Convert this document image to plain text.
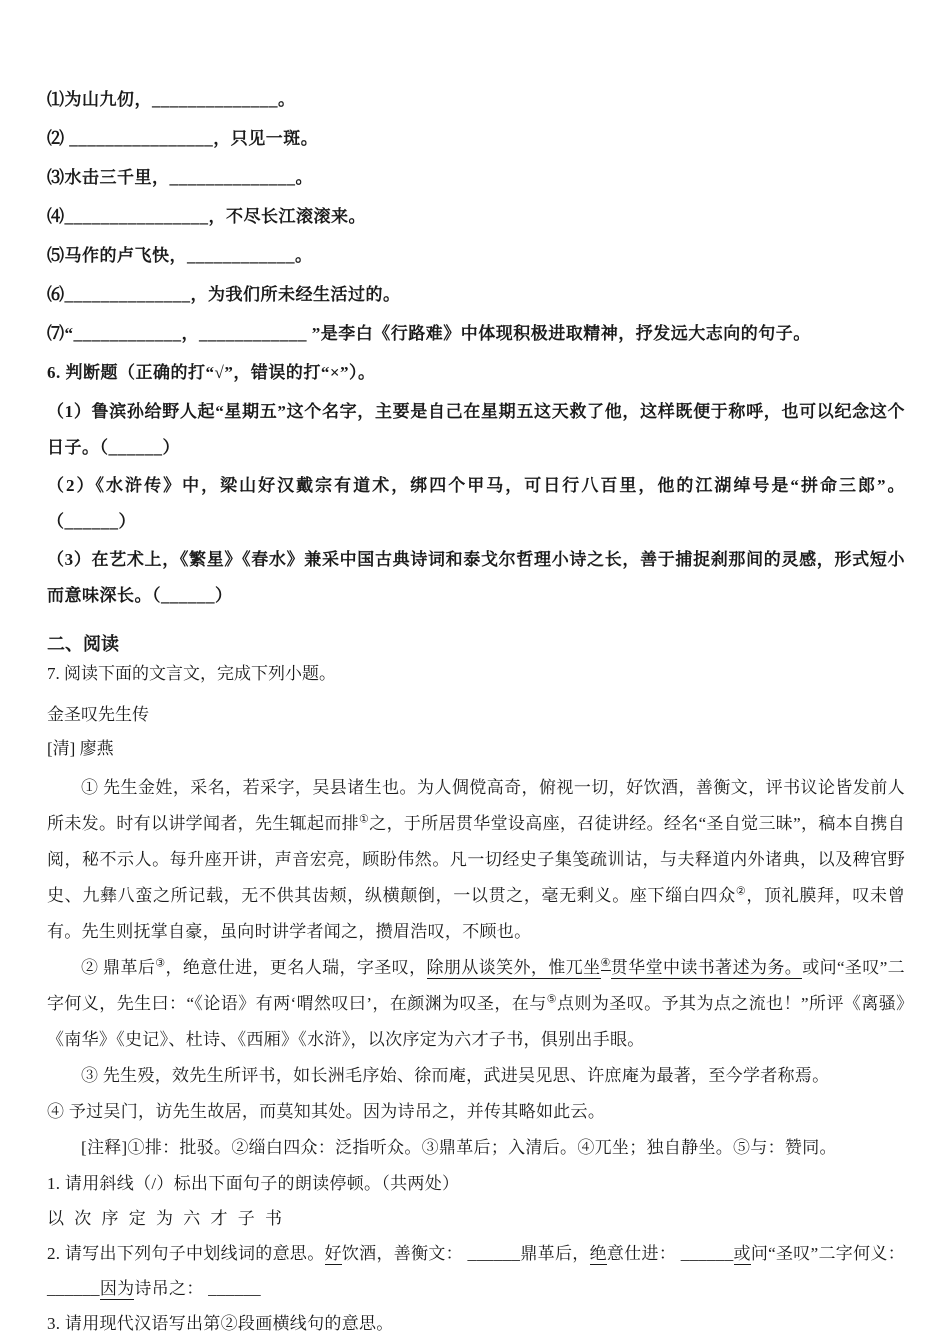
⑴为山九仞，______________。

⑵ ________________，只见一斑。

⑶水击三千里，______________。

⑷________________，不尽长江滚滚来。

⑸马作的卢飞快，____________。

⑹______________，为我们所未经生活过的。

⑺“____________，____________ ”是李白《行路难》中体现积极进取精神，抒发远大志向的句子。

6. 判断题（正确的打“√”，错误的打“×”）。

（1）鲁滨孙给野人起“星期五”这个名字，主要是自己在星期五这天救了他，这样既便于称呼，也可以纪念这个日子。（______）

（2）《水浒传》中，梁山好汉戴宗有道术，绑四个甲马，可日行八百里，他的江湖绰号是“拼命三郎”。 （______）

（3）在艺术上，《繁星》《春水》兼采中国古典诗词和泰戈尔哲理小诗之长，善于捕捉刹那间的灵感，形式短小而意味深长。（______）

二、阅读

7. 阅读下面的文言文，完成下列小题。

金圣叹先生传

[清] 廖燕

① 先生金姓，采名，若采字，吴县诸生也。为人倜傥高奇，俯视一切，好饮酒，善衡文，评书议论皆发前人所未发。时有以讲学闻者，先生辄起而排①之，于所居贯华堂设高座，召徒讲经。经名“圣自觉三昧”，稿本自携自阅，秘不示人。每升座开讲，声音宏亮，顾盼伟然。凡一切经史子集笺疏训诂，与夫释道内外诸典，以及稗官野史、九彝八蛮之所记载，无不供其齿颊，纵横颠倒，一以贯之，毫无剩义。座下缁白四众②，顶礼膜拜，叹未曾有。先生则抚掌自豪，虽向时讲学者闻之，攒眉浩叹，不顾也。

② 鼎革后③，绝意仕进，更名人瑞，字圣叹，除朋从谈笑外，惟兀坐④贯华堂中读书著述为务。或问“圣叹”二字何义，先生曰：“《论语》有两‘喟然叹曰’，在颜渊为叹圣，在与⑤点则为圣叹。予其为点之流也！”所评《离骚》《南华》《史记》、杜诗、《西厢》《水浒》，以次序定为六才子书，俱别出手眼。

③ 先生殁，效先生所评书，如长洲毛序始、徐而庵，武进吴见思、许庶庵为最著，至今学者称焉。

④ 予过吴门，访先生故居，而莫知其处。因为诗吊之，并传其略如此云。

[注释]①排：批驳。②缁白四众：泛指听众。③鼎革后；入清后。④兀坐；独自静坐。⑤与：赞同。

1. 请用斜线（/）标出下面句子的朗读停顿。（共两处）

以 次 序 定 为 六 才 子 书

2. 请写出下列句子中划线词的意思。好饮酒，善衡文： ______鼎革后，绝意仕进： ______或问“圣叹”二字何义： ______因为诗吊之： ______

3. 请用现代汉语写出第②段画横线句的意思。
